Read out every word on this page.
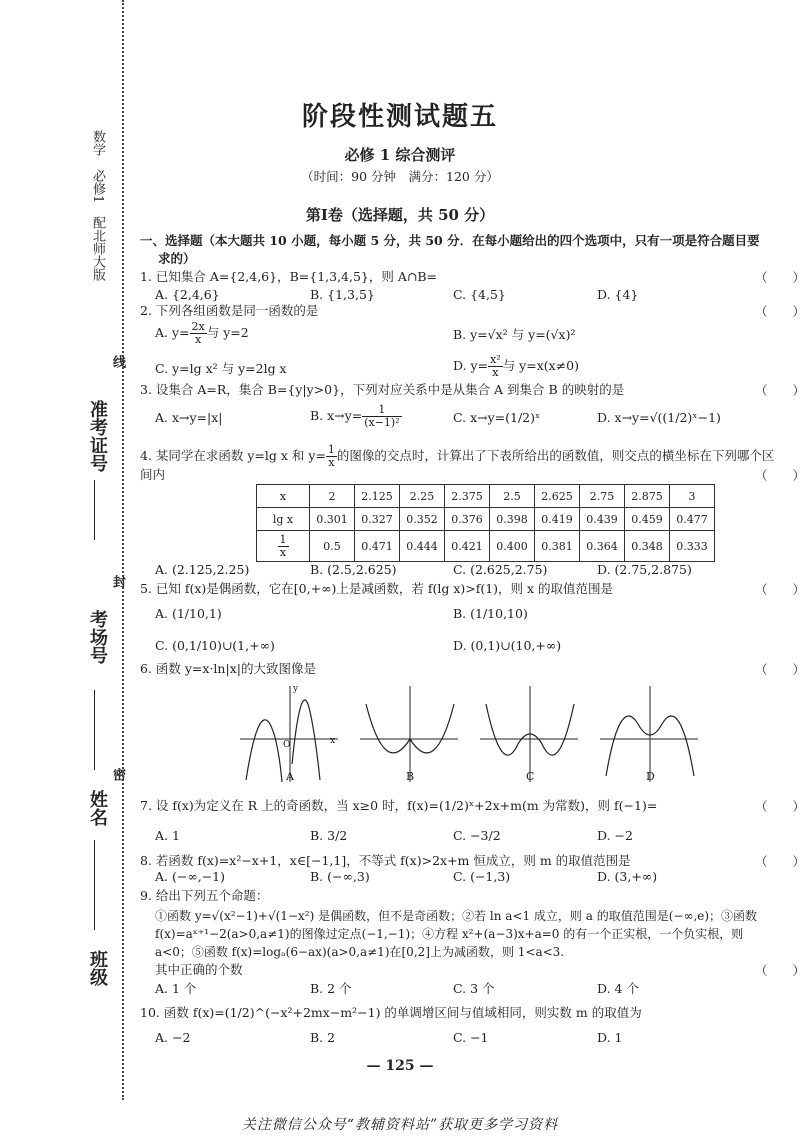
数学　必修1　配北师大版
准考证号
考场号
姓名
班级
线
封
密
阶段性测试题五
必修 1 综合测评
（时间：90 分钟　满分：120 分）
第Ⅰ卷（选择题，共 50 分）
一、选择题（本大题共 10 小题，每小题 5 分，共 50 分．在每小题给出的四个选项中，只有一项是符合题目要
求的）
1. 已知集合 A={2,4,6}，B={1,3,4,5}，则 A∩B=	（　　）
A. {2,4,6}	B. {1,3,5}	C. {4,5}	D. {4}
2. 下列各组函数是同一函数的是	（　　）
A. $y= \frac{2x}{x}$ 与 y=2	B. y=√x² 与 y=(√x)²
C. y=lg x² 与 y=2lg x	D. $y= \frac{\text{x²}}{x}$ 与 y=x(x≠0)
3. 设集合 A=R，集合 B={y|y>0}，下列对应关系中是从集合 A 到集合 B 的映射的是	（　　）
A. x→y=|x|	B. $x\to y= \frac{1}{\text{(x−1)²}}$	C. x→y=(1/2)ˣ	D. x→y=√((1/2)ˣ−1)
4. 某同学在求函数 y=lg x 和 $y= \frac{1}{x}$ 的图像的交点时，计算出了下表所给出的函数值，则交点的横坐标在下列哪个区
间内	（　　）
x	2	2.125	2.25	2.375	2.5	2.625	2.75	2.875	3
lg x	0.301	0.327	0.352	0.376	0.398	0.419	0.439	0.459	0.477

$\frac{1}{x}$	0.5	0.471	0.444	0.421	0.400	0.381	0.364	0.348	0.333
A. (2.125,2.25)	B. (2.5,2.625)	C. (2.625,2.75)	D. (2.75,2.875)
5. 已知 f(x)是偶函数，它在[0,+∞)上是减函数，若 f(lg x)>f(1)，则 x 的取值范围是	（　　）
A. (1/10,1)	B. (1/10,10)
C. (0,1/10)∪(1,+∞)	D. (0,1)∪(10,+∞)
6. 函数 y=x·ln|x|的大致图像是	（　　）
A	B	C	D
y
x
O
7. 设 f(x)为定义在 R 上的奇函数，当 x≥0 时，f(x)=(1/2)ˣ+2x+m(m 为常数)，则 f(−1)=	（　　）
A. 1	B. 3/2	C. −3/2	D. −2
8. 若函数 f(x)=x²−x+1，x∈[−1,1]，不等式 f(x)>2x+m 恒成立，则 m 的取值范围是	（　　）
A. (−∞,−1)	B. (−∞,3)	C. (−1,3)	D. (3,+∞)
9. 给出下列五个命题：
①函数 y=√(x²−1)+√(1−x²) 是偶函数，但不是奇函数；②若 ln a<1 成立，则 a 的取值范围是(−∞,e)；③函数
f(x)=aˣ⁺¹−2(a>0,a≠1)的图像过定点(−1,−1)；④方程 x²+(a−3)x+a=0 的有一个正实根，一个负实根，则
a<0；⑤函数 f(x)=logₐ(6−ax)(a>0,a≠1)在[0,2]上为减函数，则 1<a<3.
其中正确的个数	（　　）
A. 1 个	B. 2 个	C. 3 个	D. 4 个
10. 函数 f(x)=(1/2)^(−x²+2mx−m²−1) 的单调增区间与值域相同，则实数 m 的取值为
A. −2	B. 2	C. −1	D. 1
— 125 —
关注微信公众号“教辅资料站”获取更多学习资料
